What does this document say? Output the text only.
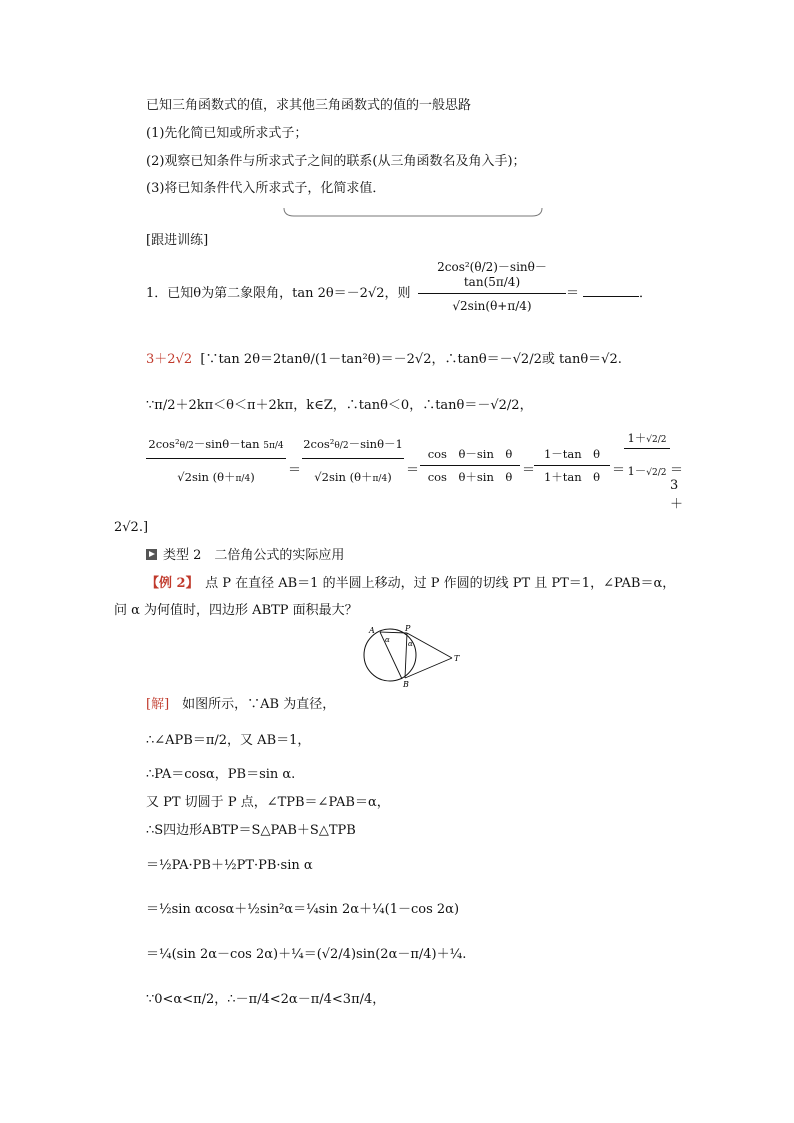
已知三角函数式的值，求其他三角函数式的值的一般思路
(1)先化简已知或所求式子；
(2)观察已知条件与所求式子之间的联系(从三角函数名及角入手)；
(3)将已知条件代入所求式子，化简求值．
[跟进训练]
1．已知θ为第二象限角，tan 2θ＝－2√2，则 $\frac{\text{2cos²(θ/2)－sinθ－tan(5π/4)}}{√2\sin(\theta+\pi/4)}$ ＝	．
3＋2√2 [∵tan 2θ＝2tanθ/(1－tan²θ)＝－2√2，∴tanθ＝－√2/2或 tanθ＝√2.
∵π/2＋2kπ＜θ＜π＋2kπ，k∈Z，∴tanθ＜0，∴tanθ＝－√2/2，
2cos²θ/2－sinθ－tan 5π/4
√2sin (θ＋π/4)	＝
2cos²θ/2－sinθ－1
√2sin (θ＋π/4)	＝
cos　θ－sin　θ
cos　θ＋sin　θ ＝
1－tan　θ
1＋tan　θ ＝
1＋√2/2
1－√2/2 ＝3＋
2√2.]
类型 2　二倍角公式的实际应用
【例 2】　点 P 在直径 AB＝1 的半圆上移动，过 P 作圆的切线 PT 且 PT＝1，∠PAB＝α，
问 α 为何值时，四边形 ABTP 面积最大？
A	P
B
T
α	α
[解]　如图所示，∵AB 为直径，
∴∠APB＝π/2，又 AB＝1，
∴PA＝cosα，PB＝sin α.
又 PT 切圆于 P 点，∠TPB＝∠PAB＝α，
∴S四边形ABTP＝S△PAB＋S△TPB
＝½PA·PB＋½PT·PB·sin α
＝½sin αcosα＋½sin²α＝¼sin 2α＋¼(1－cos 2α)
＝¼(sin 2α－cos 2α)＋¼＝(√2/4)sin(2α－π/4)＋¼.
∵0<α<π/2，∴－π/4<2α－π/4<3π/4，
